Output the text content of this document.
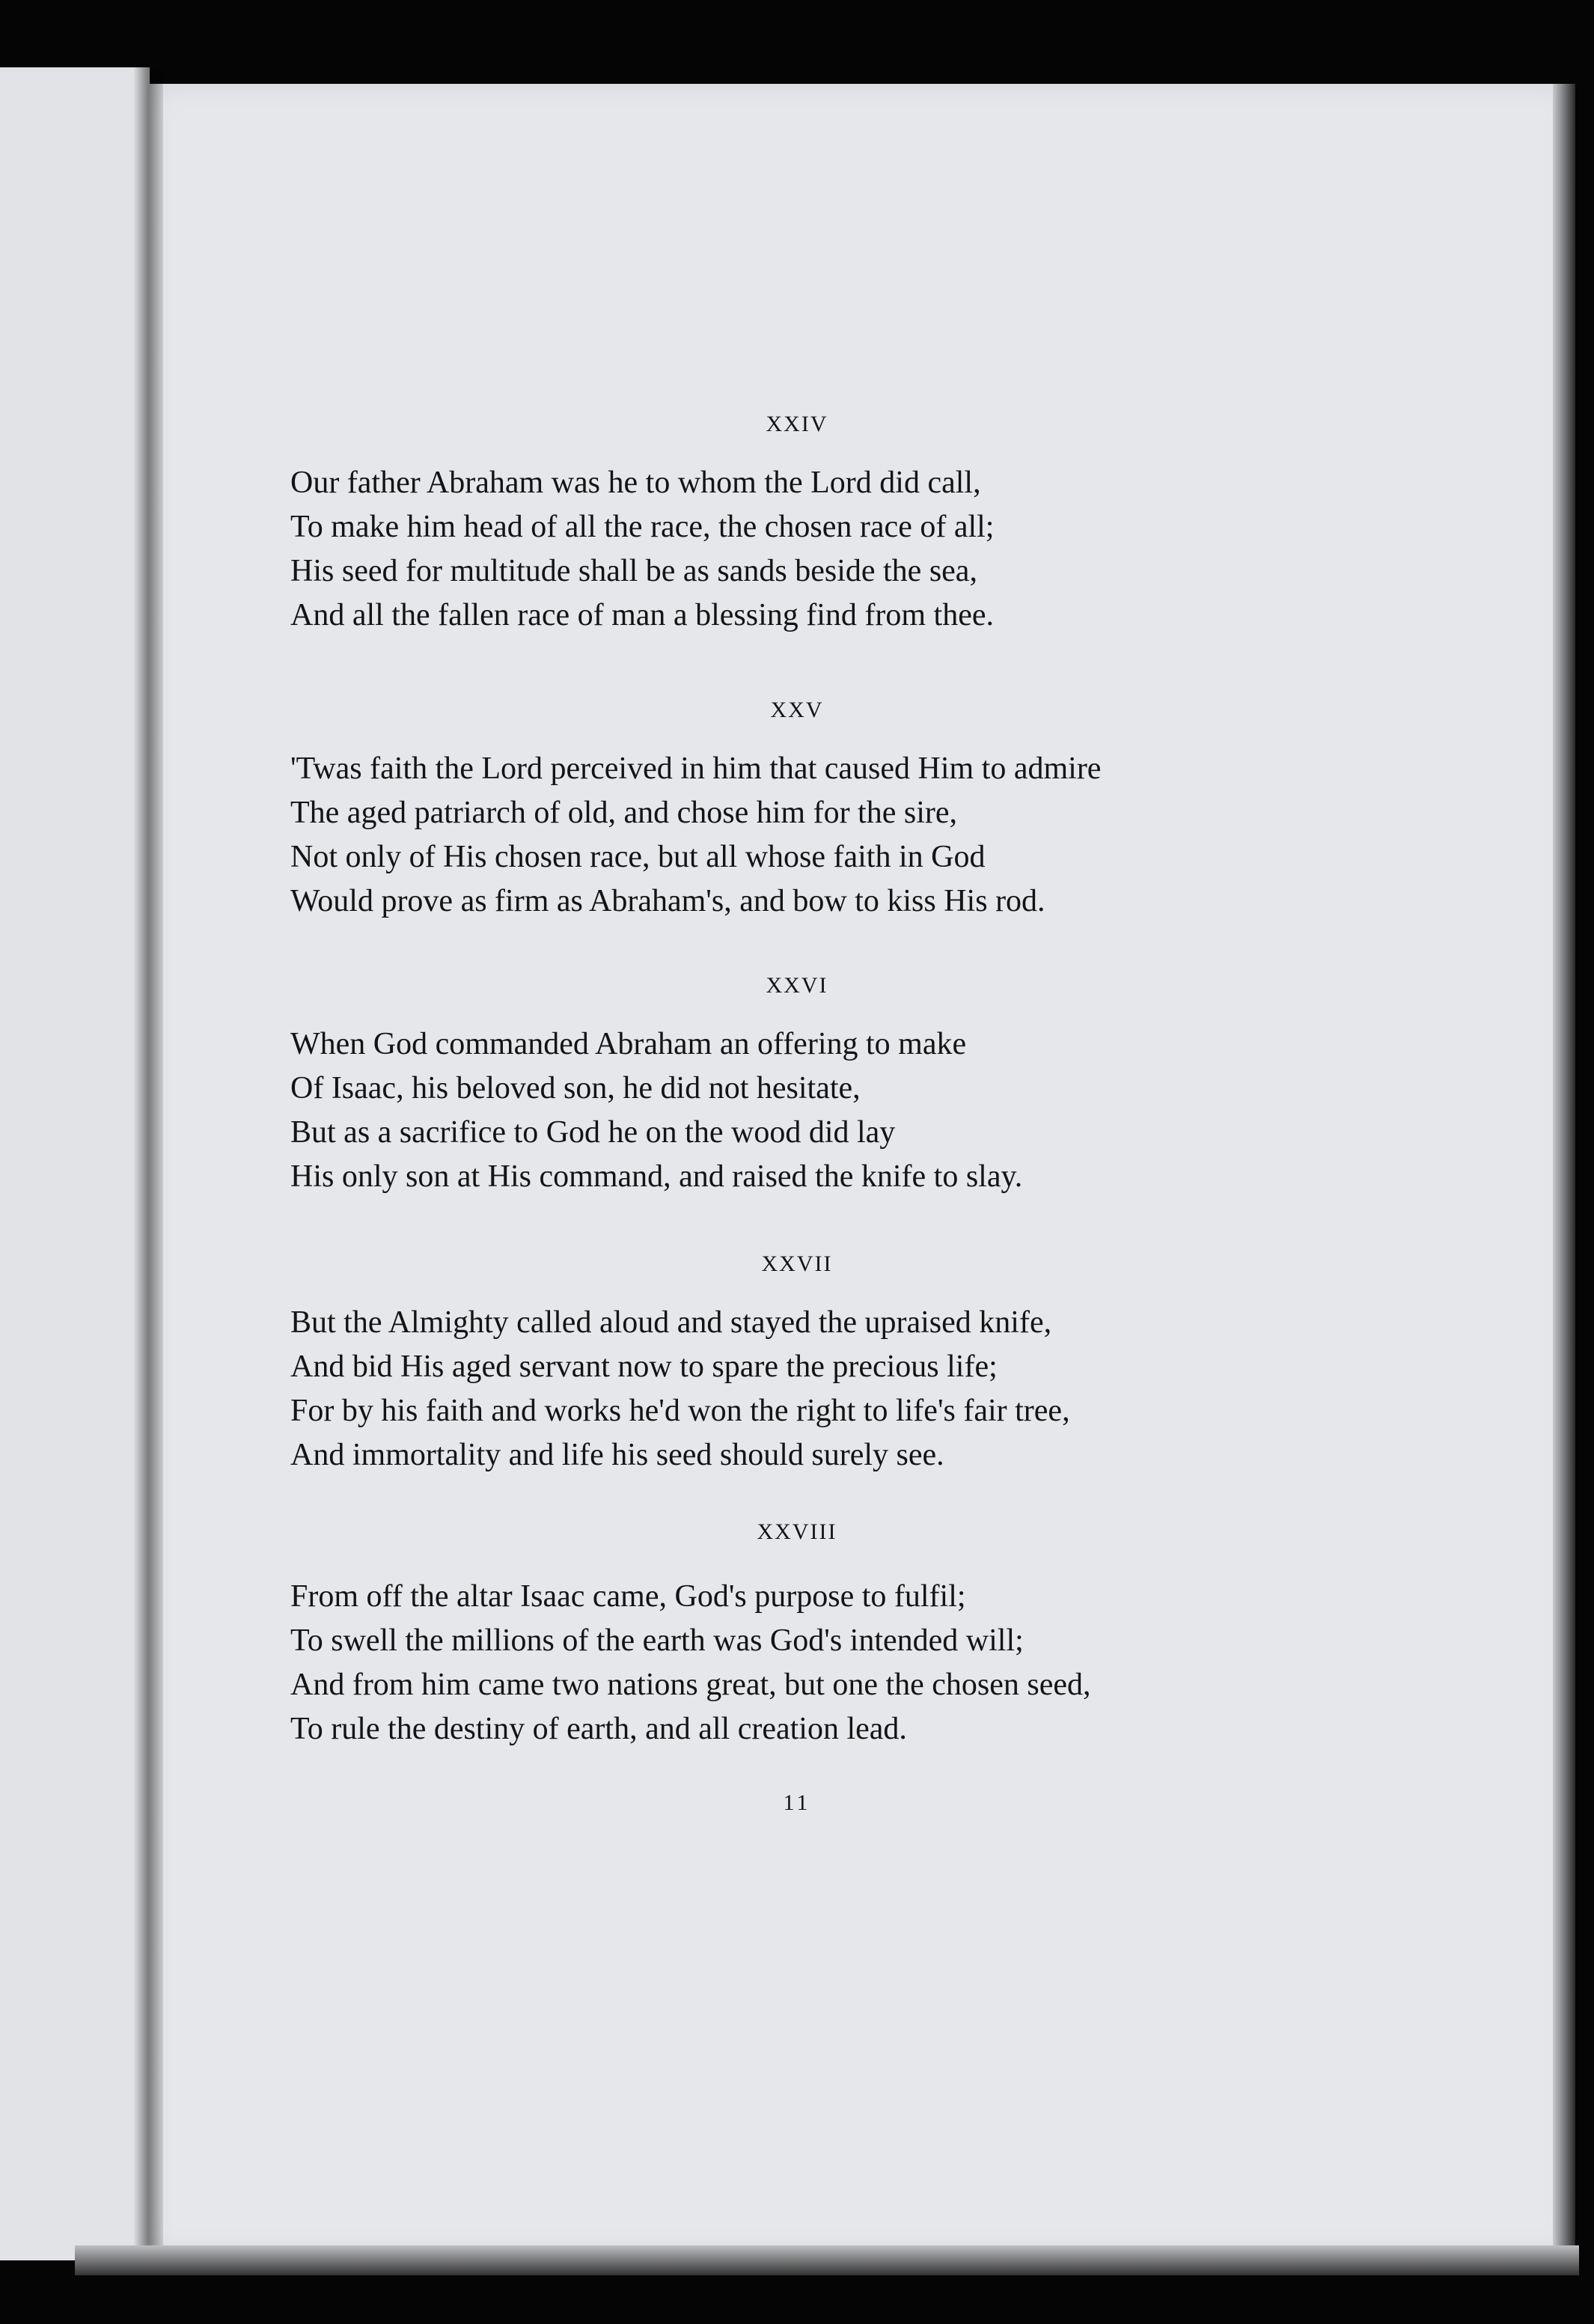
XXIV
Our father Abraham was he to whom the Lord did call,
To make him head of all the race, the chosen race of all;
His seed for multitude shall be as sands beside the sea,
And all the fallen race of man a blessing find from thee.
XXV
'Twas faith the Lord perceived in him that caused Him to admire
The aged patriarch of old, and chose him for the sire,
Not only of His chosen race, but all whose faith in God
Would prove as firm as Abraham's, and bow to kiss His rod.
XXVI
When God commanded Abraham an offering to make
Of Isaac, his beloved son, he did not hesitate,
But as a sacrifice to God he on the wood did lay
His only son at His command, and raised the knife to slay.
XXVII
But the Almighty called aloud and stayed the upraised knife,
And bid His aged servant now to spare the precious life;
For by his faith and works he'd won the right to life's fair tree,
And immortality and life his seed should surely see.
XXVIII
From off the altar Isaac came, God's purpose to fulfil;
To swell the millions of the earth was God's intended will;
And from him came two nations great, but one the chosen seed,
To rule the destiny of earth, and all creation lead.
11
